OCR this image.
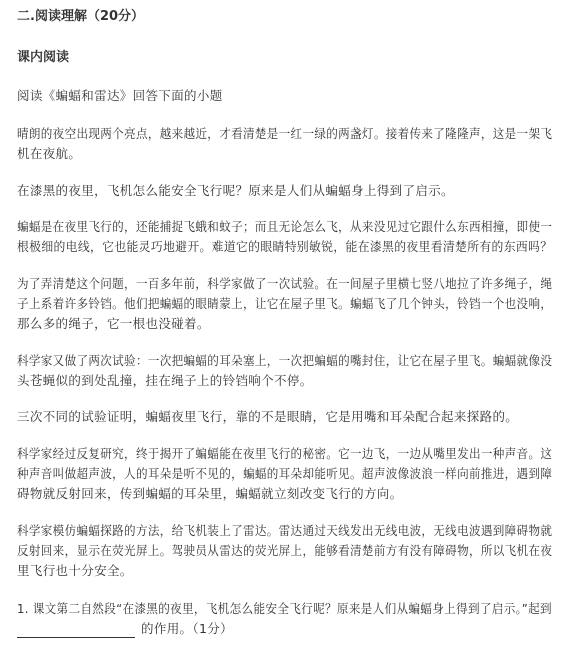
二.阅读理解（20分）
课内阅读
阅读《蝙蝠和雷达》回答下面的小题
晴朗的夜空出现两个亮点，越来越近，才看清楚是一红一绿的两盏灯。接着传来了隆隆声，这是一架飞
机在夜航。
在漆黑的夜里，飞机怎么能安全飞行呢？原来是人们从蝙蝠身上得到了启示。
蝙蝠是在夜里飞行的，还能捕捉飞蛾和蚊子；而且无论怎么飞，从来没见过它跟什么东西相撞，即使一
根极细的电线，它也能灵巧地避开。难道它的眼睛特别敏锐，能在漆黑的夜里看清楚所有的东西吗？
为了弄清楚这个问题，一百多年前，科学家做了一次试验。在一间屋子里横七竖八地拉了许多绳子，绳
子上系着许多铃铛。他们把蝙蝠的眼睛蒙上，让它在屋子里飞。蝙蝠飞了几个钟头，铃铛一个也没响，
那么多的绳子，它一根也没碰着。
科学家又做了两次试验：一次把蝙蝠的耳朵塞上，一次把蝙蝠的嘴封住，让它在屋子里飞。蝙蝠就像没
头苍蝇似的到处乱撞，挂在绳子上的铃铛响个不停。
三次不同的试验证明，蝙蝠夜里飞行，靠的不是眼睛，它是用嘴和耳朵配合起来探路的。
科学家经过反复研究，终于揭开了蝙蝠能在夜里飞行的秘密。它一边飞，一边从嘴里发出一种声音。这
种声音叫做超声波，人的耳朵是听不见的，蝙蝠的耳朵却能听见。超声波像波浪一样向前推进，遇到障
碍物就反射回来，传到蝙蝠的耳朵里，蝙蝠就立刻改变飞行的方向。
科学家模仿蝙蝠探路的方法，给飞机装上了雷达。雷达通过天线发出无线电波，无线电波遇到障碍物就
反射回来，显示在荧光屏上。驾驶员从雷达的荧光屏上，能够看清楚前方有没有障碍物，所以飞机在夜
里飞行也十分安全。
1. 课文第二自然段“在漆黑的夜里，飞机怎么能安全飞行呢？原来是人们从蝙蝠身上得到了启示。”起到
的作用。（1分）
